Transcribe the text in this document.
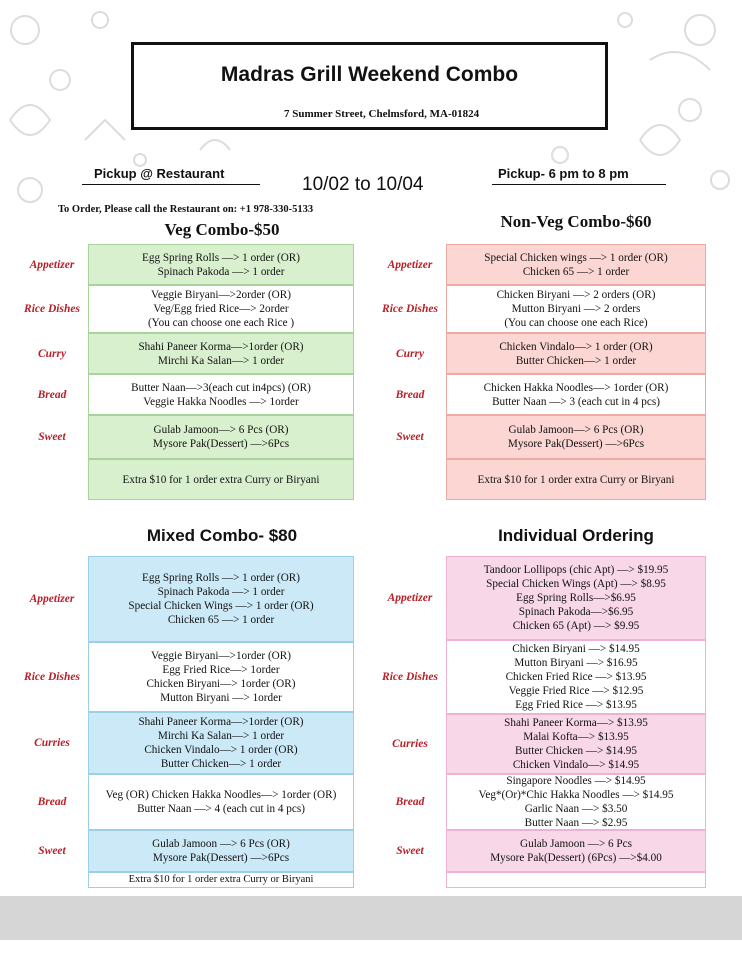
Madras Grill Weekend Combo
7 Summer Street, Chelmsford, MA-01824
Pickup @ Restaurant
10/02 to 10/04
Pickup- 6 pm to 8 pm
To Order, Please call the Restaurant on: +1 978-330-5133
Veg Combo-$50	Non-Veg Combo-$60
Mixed Combo- $80	Individual Ordering
Appetizer
Egg Spring Rolls —> 1 order (OR)
Spinach Pakoda —> 1 order
Rice Dishes
Veggie Biryani—>2order (OR)
Veg/Egg fried Rice—> 2order
(You can choose one each Rice )
Curry
Shahi Paneer Korma—>1order (OR)
Mirchi Ka Salan—> 1 order
Bread
Butter Naan—>3(each cut in4pcs) (OR)
Veggie Hakka Noodles —> 1order
Sweet
Gulab Jamoon—> 6 Pcs (OR)
Mysore Pak(Dessert) —>6Pcs
Extra $10 for 1 order extra Curry or Biryani
Appetizer
Special Chicken wings —> 1 order (OR)
Chicken 65 —> 1 order
Rice Dishes
Chicken Biryani —> 2 orders (OR)
Mutton Biryani —> 2 orders
(You can choose one each Rice)
Curry
Chicken Vindalo—> 1 order (OR)
Butter Chicken—> 1 order
Bread
Chicken Hakka Noodles—> 1order (OR)
Butter Naan —> 3 (each cut in 4 pcs)
Sweet
Gulab Jamoon—> 6 Pcs (OR)
Mysore Pak(Dessert) —>6Pcs
Extra $10 for 1 order extra Curry or Biryani
Appetizer
Egg Spring Rolls —> 1 order (OR)
Spinach Pakoda —> 1 order
Special Chicken Wings —> 1 order (OR)
Chicken 65 —> 1 order
Rice Dishes
Veggie Biryani—>1order (OR)
Egg Fried Rice—> 1order
Chicken Biryani—> 1order (OR)
Mutton Biryani —> 1order
Curries
Shahi Paneer Korma—>1order (OR)
Mirchi Ka Salan—> 1 order
Chicken Vindalo—> 1 order (OR)
Butter Chicken—> 1 order
Bread
Veg (OR) Chicken Hakka Noodles—> 1order (OR)
Butter Naan —> 4 (each cut in 4 pcs)
Sweet
Gulab Jamoon —> 6 Pcs (OR)
Mysore Pak(Dessert) —>6Pcs
Extra $10 for 1 order extra Curry or Biryani
Appetizer
Tandoor Lollipops (chic Apt) —> $19.95
Special Chicken Wings (Apt) —> $8.95
Egg Spring Rolls—>$6.95
Spinach Pakoda—>$6.95
Chicken 65 (Apt) —> $9.95
Rice Dishes
Chicken Biryani —> $14.95
Mutton Biryani —> $16.95
Chicken Fried Rice —> $13.95
Veggie Fried Rice —> $12.95
Egg Fried Rice —> $13.95
Curries
Shahi Paneer Korma—> $13.95
Malai Kofta—> $13.95
Butter Chicken —> $14.95
Chicken Vindalo—> $14.95
Bread
Singapore Noodles —> $14.95
Veg*(Or)*Chic Hakka Noodles —> $14.95
Garlic Naan —> $3.50
Butter Naan —> $2.95
Sweet
Gulab Jamoon —> 6 Pcs
Mysore Pak(Dessert) (6Pcs) —>$4.00
